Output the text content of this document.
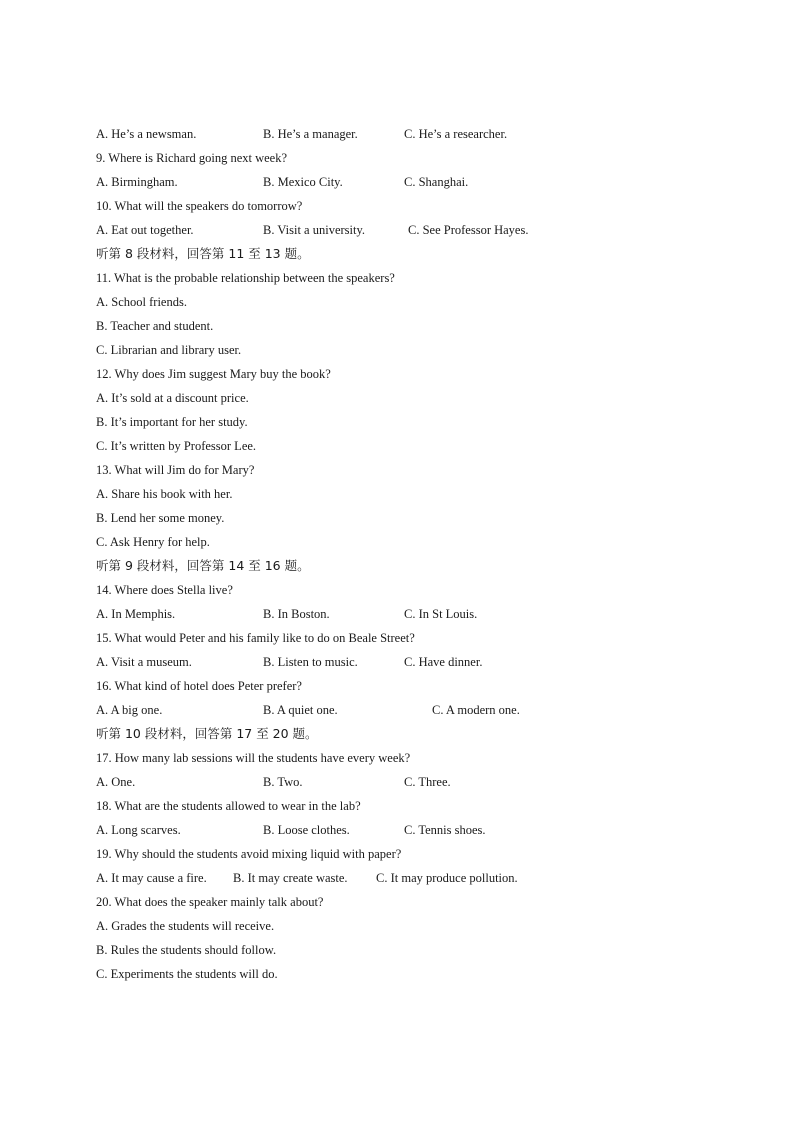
A. He’s a newsman.	B. He’s a manager.	C. He’s a researcher.
9. Where is Richard going next week?
A. Birmingham.	B. Mexico City.	C. Shanghai.
10. What will the speakers do tomorrow?
A. Eat out together.	B. Visit a university.	C. See Professor Hayes.
听第 8 段材料，回答第 11 至 13 题。
11. What is the probable relationship between the speakers?
A. School friends.
B. Teacher and student.
C. Librarian and library user.
12. Why does Jim suggest Mary buy the book?
A. It’s sold at a discount price.
B. It’s important for her study.
C. It’s written by Professor Lee.
13. What will Jim do for Mary?
A. Share his book with her.
B. Lend her some money.
C. Ask Henry for help.
听第 9 段材料，回答第 14 至 16 题。
14. Where does Stella live?
A. In Memphis.	B. In Boston.	C. In St Louis.
15. What would Peter and his family like to do on Beale Street?
A. Visit a museum.	B. Listen to music.	C. Have dinner.
16. What kind of hotel does Peter prefer?
A. A big one.	B. A quiet one.	C. A modern one.
听第 10 段材料，回答第 17 至 20 题。
17. How many lab sessions will the students have every week?
A. One.	B. Two.	C. Three.
18. What are the students allowed to wear in the lab?
A. Long scarves.	B. Loose clothes.	C. Tennis shoes.
19. Why should the students avoid mixing liquid with paper?
A. It may cause a fire. B. It may create waste. C. It may produce pollution.
20. What does the speaker mainly talk about?
A. Grades the students will receive.
B. Rules the students should follow.
C. Experiments the students will do.
